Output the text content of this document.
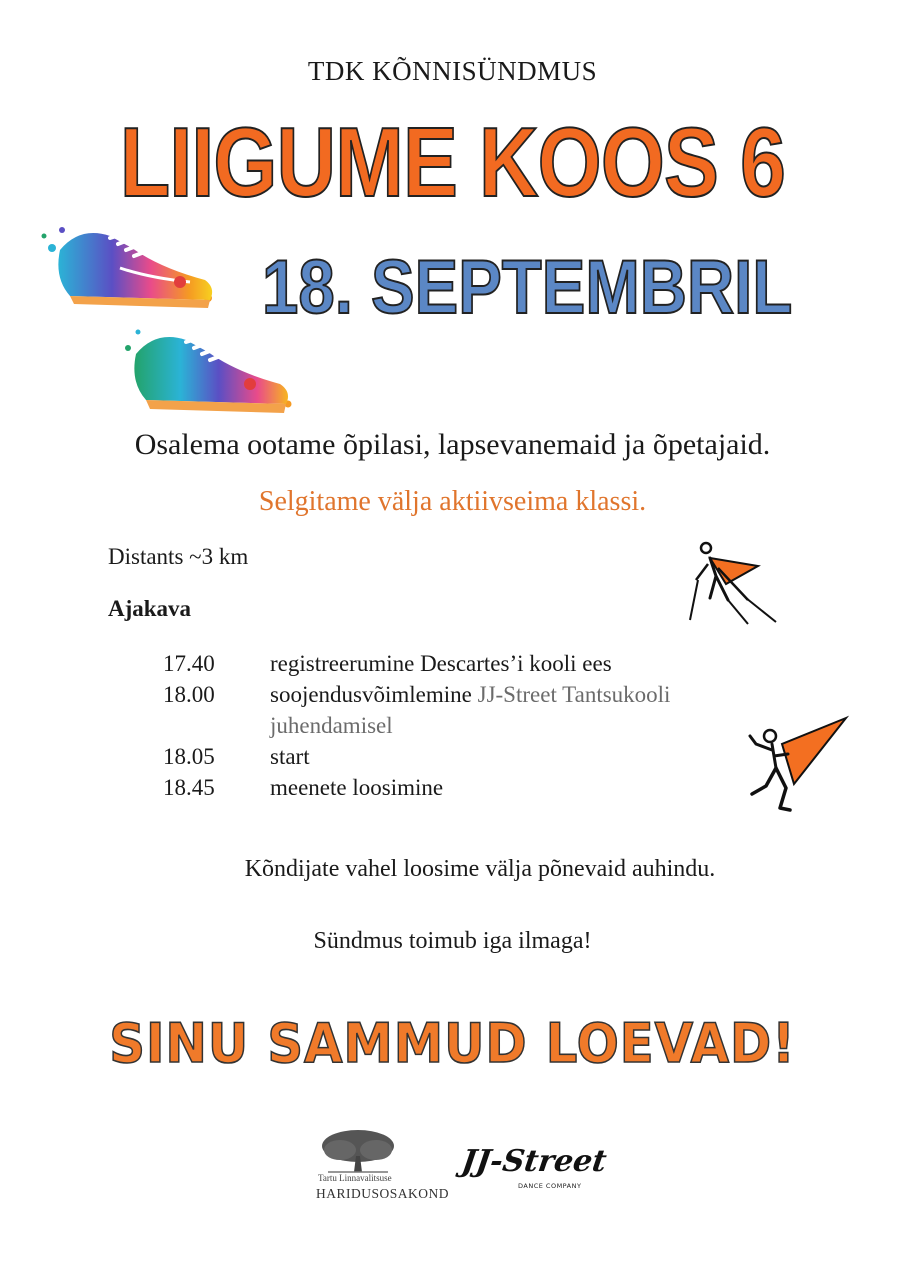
TDK KÕNNISÜNDMUS
LIIGUME KOOS 6
18. SEPTEMBRIL
Osalema ootame õpilasi, lapsevanemaid ja õpetajaid.
Selgitame välja aktiivseima klassi.
Distants ~3 km
Ajakava
17.40 registreerumine Descartes’i kooli ees
18.00 soojendusvõimlemine JJ-Street Tantsukooli
juhendamisel
18.05 start
18.45 meenete loosimine
Kõndijate vahel loosime välja põnevaid auhindu.
Sündmus toimub iga ilmaga!
SINU SAMMUD LOEVAD!
Tartu Linnavalitsuse
HARIDUSOSAKOND
JJ-Street
DANCE COMPANY
